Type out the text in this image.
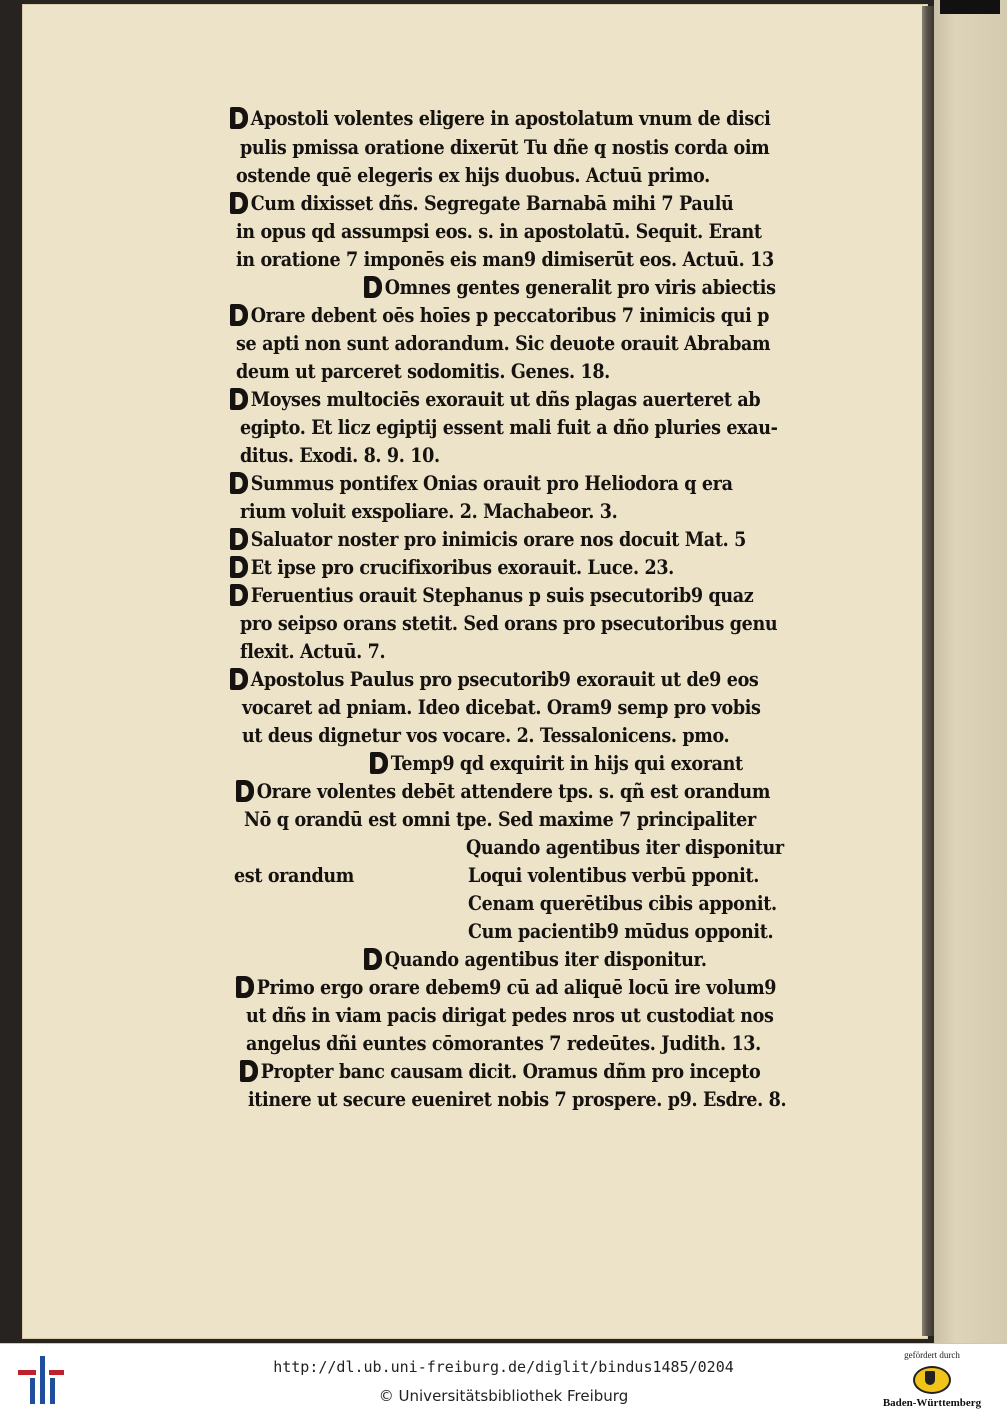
Apostoli volentes eligere in apostolatum vnum de disci
pulis pmissa oratione dixerūt Tu dñe q nostis corda oim
ostende quē elegeris ex hijs duobus. Actuū primo.
Cum dixisset dñs. Segregate Barnabā mihi 7 Paulū
in opus qd assumpsi eos. s. in apostolatū. Sequit. Erant
in oratione 7 imponēs eis man9 dimiserūt eos. Actuū. 13
Omnes gentes generalit pro viris abiectis
Orare debent oēs hoīes p peccatoribus 7 inimicis qui p
se apti non sunt adorandum. Sic deuote orauit Abrabam
deum ut parceret sodomitis. Genes. 18.
Moyses multociēs exorauit ut dñs plagas auerteret ab
egipto. Et licz egiptij essent mali fuit a dño pluries exau-
ditus. Exodi. 8. 9. 10.
Summus pontifex Onias orauit pro Heliodora q era
rium voluit exspoliare. 2. Machabeor. 3.
Saluator noster pro inimicis orare nos docuit Mat. 5
Et ipse pro crucifixoribus exorauit. Luce. 23.
Feruentius orauit Stephanus p suis psecutorib9 quaz
pro seipso orans stetit. Sed orans pro psecutoribus genu
flexit. Actuū. 7.
Apostolus Paulus pro psecutorib9 exorauit ut de9 eos
vocaret ad pniam. Ideo dicebat. Oram9 semp pro vobis
ut deus dignetur vos vocare. 2. Tessalonicens. pmo.
Temp9 qd exquirit in hijs qui exorant
Orare volentes debēt attendere tps. s. qñ est orandum
Nō q orandū est omni tpe. Sed maxime 7 principaliter
Quando agentibus iter disponitur
est orandum	Loqui volentibus verbū pponit.
Cenam querētibus cibis apponit.
Cum pacientib9 mūdus opponit.
Quando agentibus iter disponitur.
Primo ergo orare debem9 cū ad aliquē locū ire volum9
ut dñs in viam pacis dirigat pedes nros ut custodiat nos
angelus dñi euntes cōmorantes 7 redeūtes. Judith. 13.
Propter banc causam dicit. Oramus dñm pro incepto
itinere ut secure eueniret nobis 7 prospere. p9. Esdre. 8.
http://dl.ub.uni-freiburg.de/diglit/bindus1485/0204
© Universitätsbibliothek Freiburg
gefördert durch
Baden-Württemberg
